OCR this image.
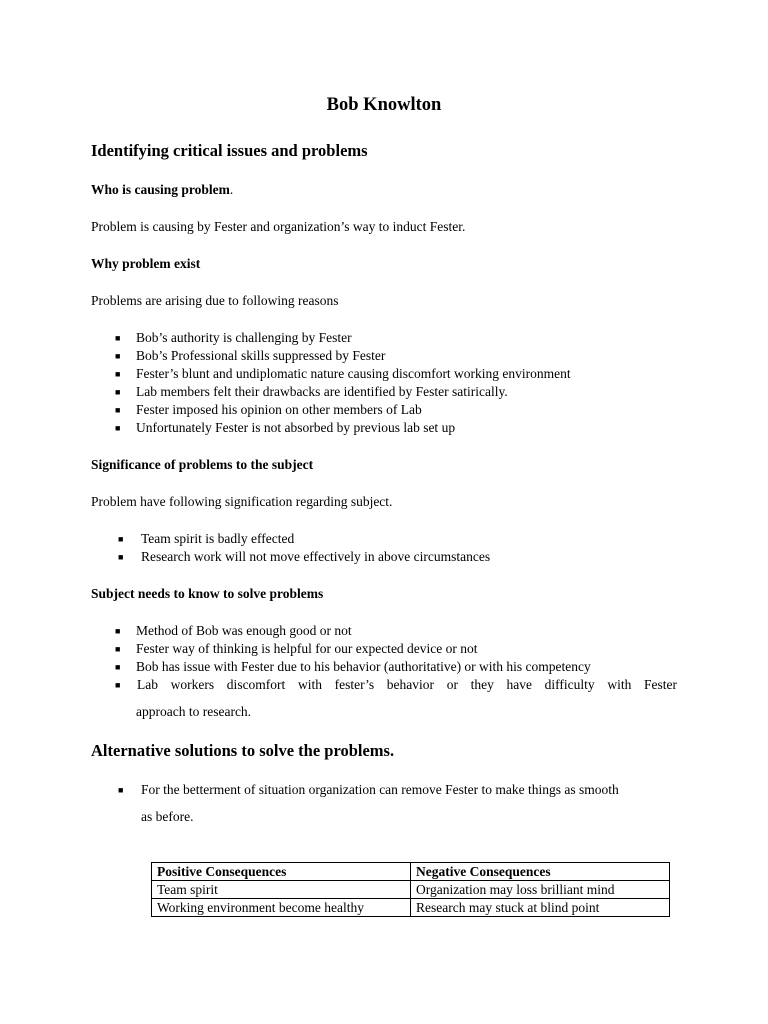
Bob Knowlton
Identifying critical issues and problems
Who is causing problem.
Problem is causing by Fester and organization’s way to induct Fester.
Why problem exist
Problems are arising due to following reasons
■ Bob’s authority is challenging by Fester
■ Bob’s Professional skills suppressed by Fester
■ Fester’s blunt and undiplomatic nature causing discomfort working environment
■ Lab members felt their drawbacks are identified by Fester satirically.
■ Fester imposed his opinion on other members of Lab
■ Unfortunately Fester is not absorbed by previous lab set up
Significance of problems to the subject
Problem have following signification regarding subject.
■ Team spirit is badly effected
■ Research work will not move effectively in above circumstances
Subject needs to know to solve problems
■ Method of Bob was enough good or not
■ Fester way of thinking is helpful for our expected device or not
■ Bob has issue with Fester due to his behavior (authoritative) or with his competency
■ Lab workers discomfort with fester’s behavior or they have difficulty with Fester
approach to research.
Alternative solutions to solve the problems.
■ For the betterment of situation organization can remove Fester to make things as smooth
as before.
Positive Consequences	Negative Consequences
Team spirit	Organization may loss brilliant mind
Working environment become healthy	Research may stuck at blind point
